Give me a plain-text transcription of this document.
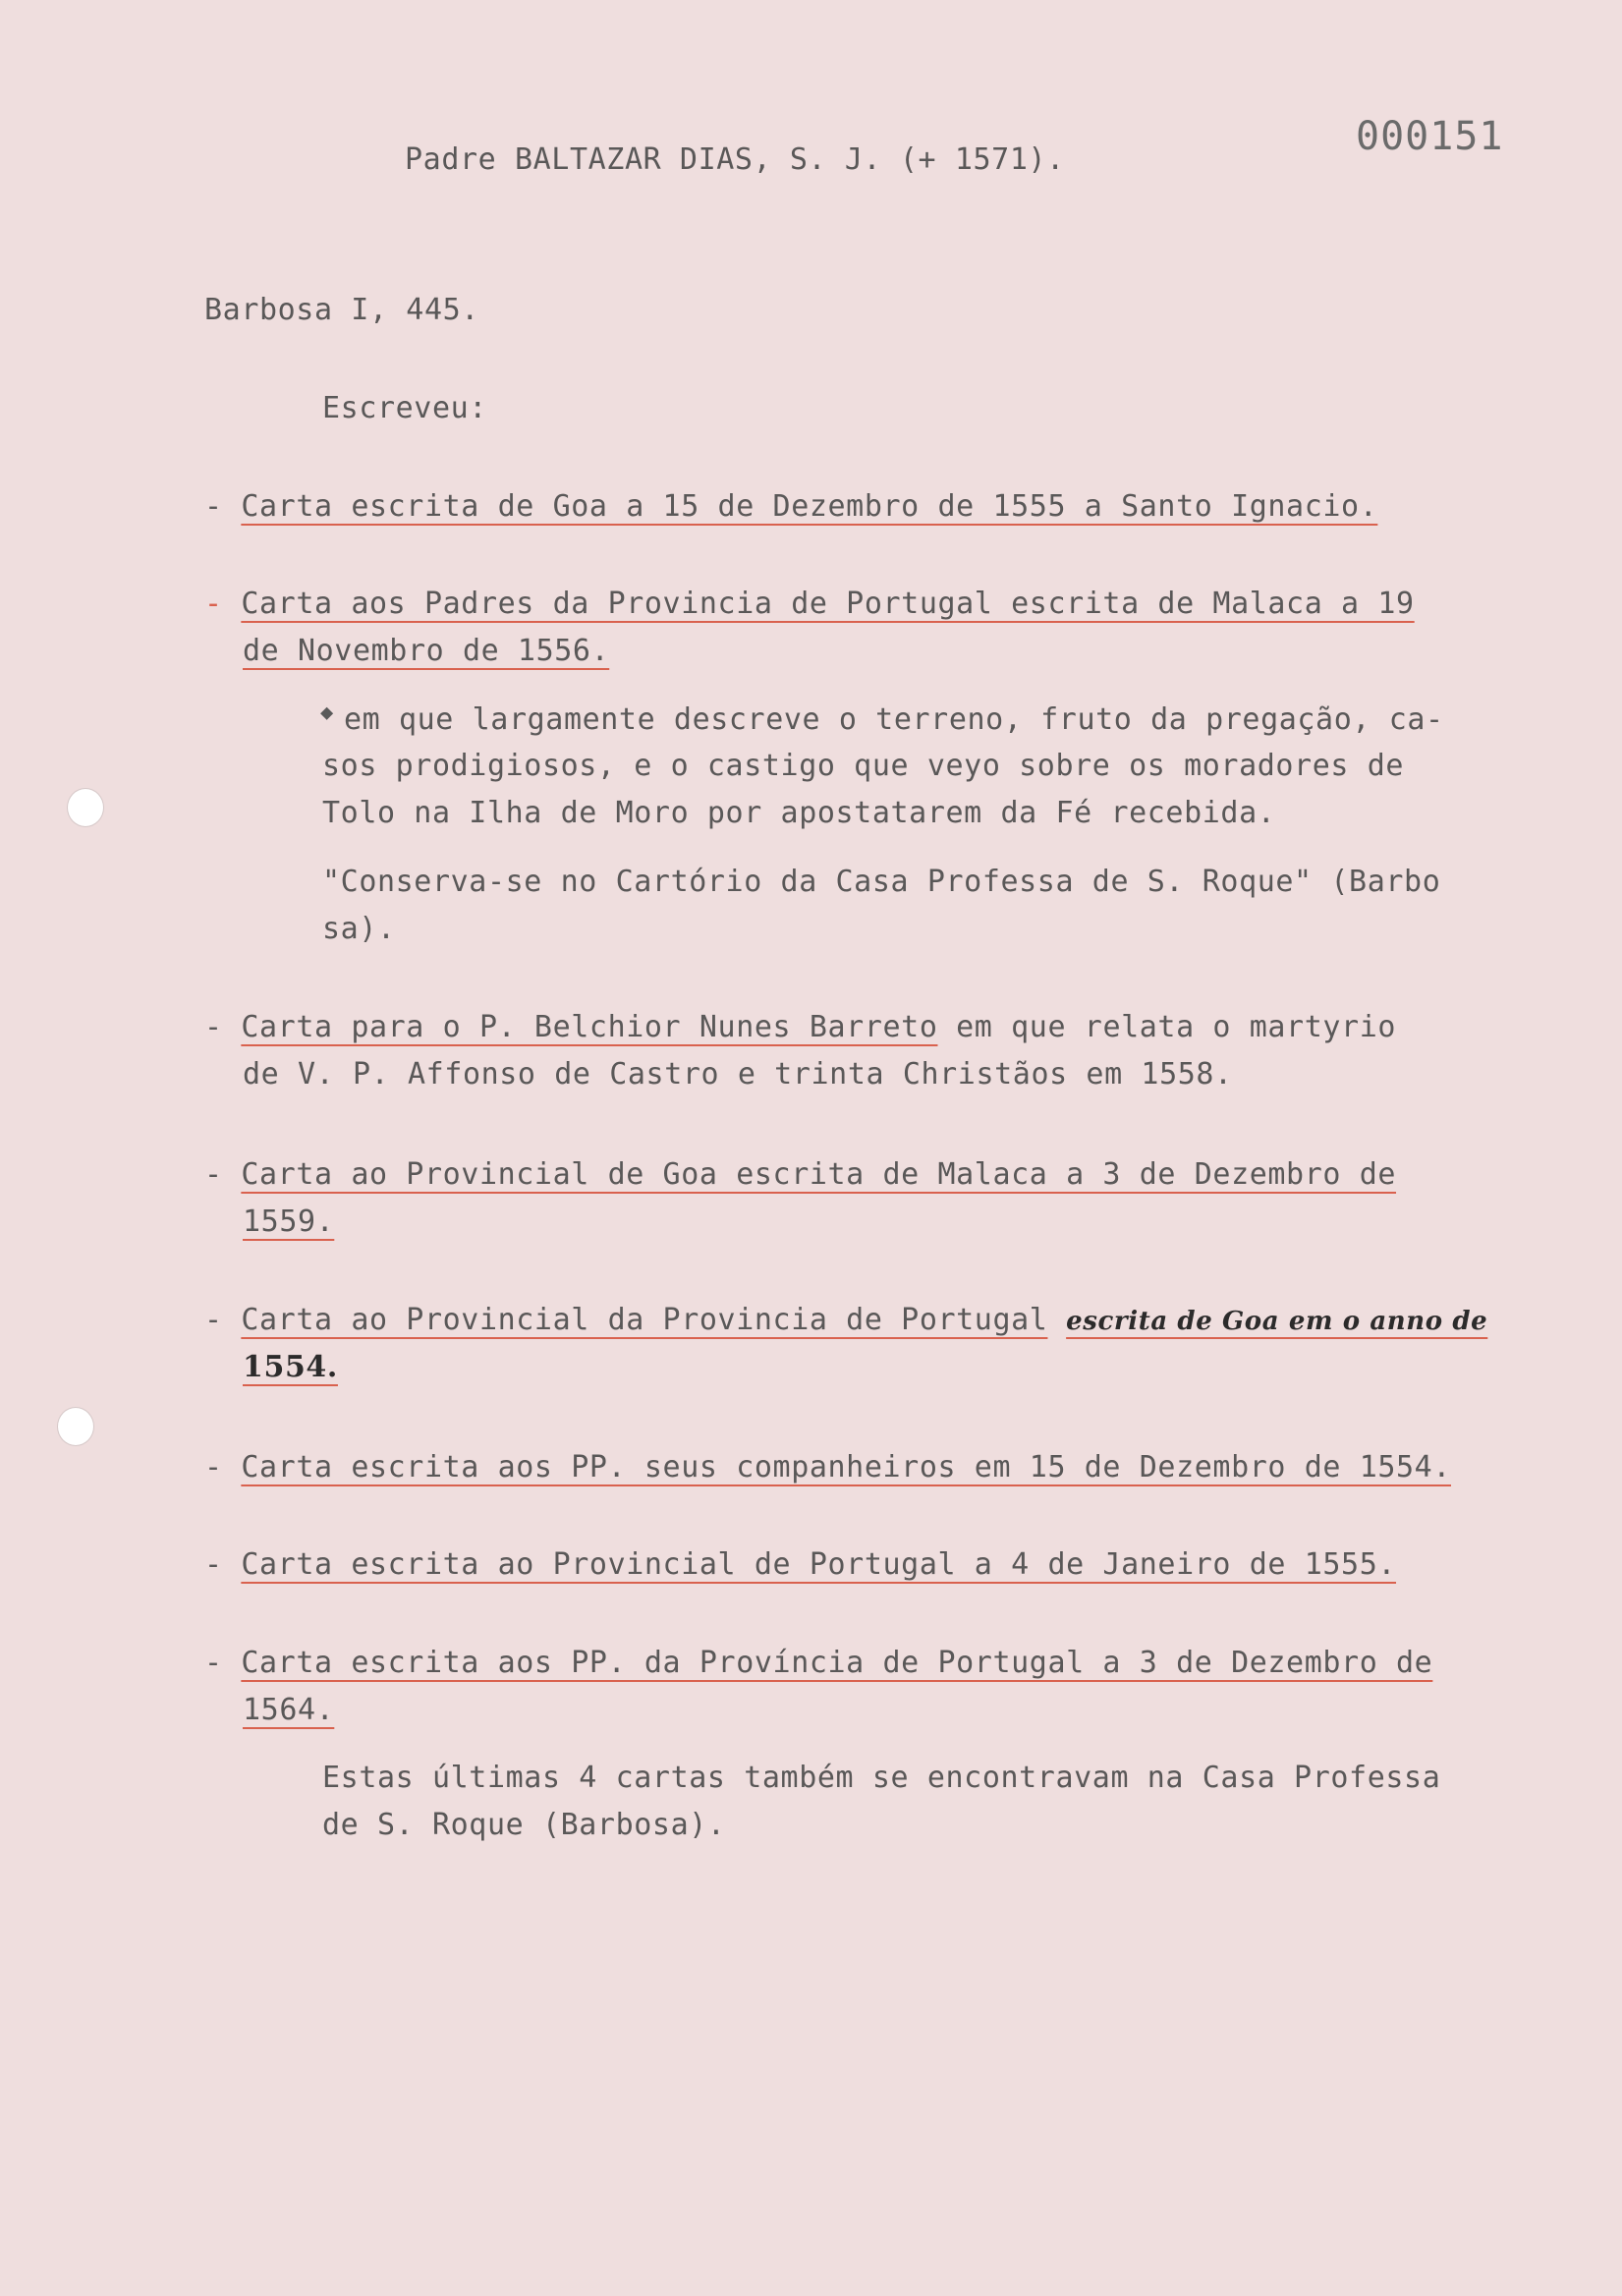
Padre BALTAZAR DIAS, S. J. (+ 1571).
000151
Barbosa I, 445.
Escreveu:
- Carta escrita de Goa a 15 de Dezembro de 1555 a Santo Ignacio.
- Carta aos Padres da Provincia de Portugal escrita de Malaca a 19
de Novembro de 1556.
◆ em que largamente descreve o terreno, fruto da pregação, ca-
sos prodigiosos, e o castigo que veyo sobre os moradores de
Tolo na Ilha de Moro por apostatarem da Fé recebida.
"Conserva-se no Cartório da Casa Professa de S. Roque" (Barbo
sa).
- Carta para o P. Belchior Nunes Barreto em que relata o martyrio
de V. P. Affonso de Castro e trinta Christãos em 1558.
- Carta ao Provincial de Goa escrita de Malaca a 3 de Dezembro de
1559.
- Carta ao Provincial da Provincia de Portugal escrita de Goa em o anno de
1554.
- Carta escrita aos PP. seus companheiros em 15 de Dezembro de 1554.
- Carta escrita ao Provincial de Portugal a 4 de Janeiro de 1555.
- Carta escrita aos PP. da Província de Portugal a 3 de Dezembro de
1564.
Estas últimas 4 cartas também se encontravam na Casa Professa
de S. Roque (Barbosa).
